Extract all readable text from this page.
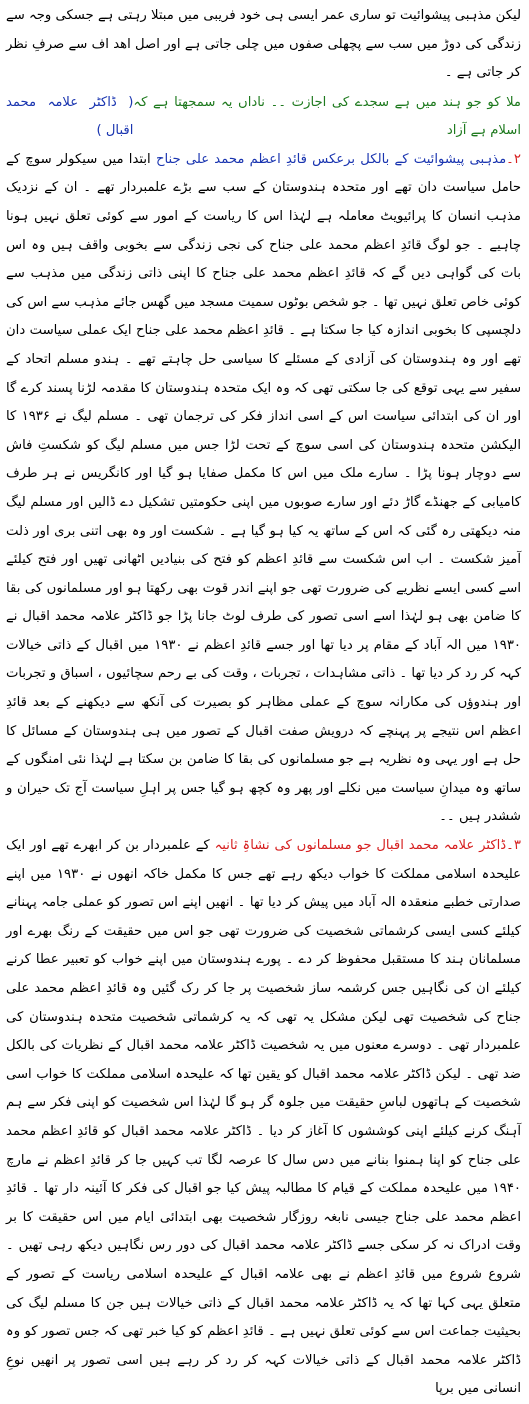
لیکن مذہبی پیشوائیت تو ساری عمر ایسی ہی خود فریبی میں مبتلا رہتی ہے جسکی وجہ سے زندگی کی دوڑ میں سب سے پچھلی صفوں میں چلی جاتی ہے اور اصل اھد اف سے صرفِ نظر کر جاتی ہے ۔

ملا کو جو ہند میں ہے سجدے کی اجازت ۔۔ ناداں یہ سمجھتا ہے کہ اسلام ہے آزاد
( ڈاکٹر علامہ محمد اقبال )

۲۔مذہبی پیشوائیت کے بالکل برعکس قائدِ اعظم محمد علی جناح ابتدا میں سیکولر سوچ کے حامل سیاست دان تھے اور متحدہ ہندوستان کے سب سے بڑے علمبردار تھے ۔ ان کے نزدیک مذہب انسان کا پرائیویٹ معاملہ ہے لہٰذا اس کا ریاست کے امور سے کوئی تعلق نہیں ہونا چاہیے ۔ جو لوگ قائدِ اعظم محمد علی جناح کی نجی زندگی سے بخوبی واقف ہیں وہ اس بات کی گواہی دیں گے کہ قائدِ اعظم محمد علی جناح کا اپنی ذاتی زندگی میں مذہب سے کوئی خاص تعلق نہیں تھا ۔ جو شخص بوٹوں سمیت مسجد میں گھس جائے مذہب سے اس کی دلچسپی کا بخوبی اندازہ کیا جا سکتا ہے ۔ قائدِ اعظم محمد علی جناح ایک عملی سیاست دان تھے اور وہ ہندوستان کی آزادی کے مسئلے کا سیاسی حل چاہتے تھے ۔ ہندو مسلم اتحاد کے سفیر سے یہی توقع کی جا سکتی تھی کہ وہ ایک متحدہ ہندوستان کا مقدمہ لڑنا پسند کرے گا اور ان کی ابتدائی سیاست اس کے اسی انداز فکر کی ترجمان تھی ۔ مسلم لیگ نے ۱۹۳۶ کا الیکشن متحدہ ہندوستان کی اسی سوچ کے تحت لڑا جس میں مسلم لیگ کو شکستِ فاش سے دوچار ہونا پڑا ۔ سارے ملک میں اس کا مکمل صفایا ہو گیا اور کانگریس نے ہر طرف کامیابی کے جھنڈے گاڑ دئے اور سارے صوبوں میں اپنی حکومتیں تشکیل دے ڈالیں اور مسلم لیگ منہ دیکھتی رہ گئی کہ اس کے ساتھ یہ کیا ہو گیا ہے ۔ شکست اور وہ بھی اتنی بری اور ذلت آمیز شکست ۔ اب اس شکست سے قائدِ اعظم کو فتح کی بنیادیں اٹھانی تھیں اور فتح کیلئے اسے کسی ایسے نظریے کی ضرورت تھی جو اپنے اندر قوت بھی رکھتا ہو اور مسلمانوں کی بقا کا ضامن بھی ہو لہٰذا اسے اسی تصور کی طرف لوٹ جانا پڑا جو ڈاکٹر علامہ محمد اقبال نے ۱۹۳۰ میں الہ آباد کے مقام پر دیا تھا اور جسے قائدِ اعظم نے ۱۹۳۰ میں اقبال کے ذاتی خیالات کہہ کر رد کر دیا تھا ۔ ذاتی مشاہدات ، تجربات ، وقت کی بے رحم سچائیوں ، اسباق و تجربات اور ہندوؤں کی مکارانہ سوچ کے عملی مظاہر کو بصیرت کی آنکھ سے دیکھنے کے بعد قائدِ اعظم اس نتیجے پر پہنچے کہ درویش صفت اقبال کے تصور میں ہی ہندوستان کے مسائل کا حل ہے اور یہی وہ نظریہ ہے جو مسلمانوں کی بقا کا ضامن بن سکتا ہے لہٰذا نئی امنگوں کے ساتھ وہ میدانِ سیاست میں نکلے اور پھر وہ کچھ ہو گیا جس پر اہلِ سیاست آج تک حیران و ششدر ہیں ۔۔

۳۔ڈاکٹر علامہ محمد اقبال جو مسلمانوں کی نشاۃِ ثانیہ کے علمبردار بن کر ابھرے تھے اور ایک علیحدہ اسلامی مملکت کا خواب دیکھ رہے تھے جس کا مکمل خاکہ انھوں نے ۱۹۳۰ میں اپنے صدارتی خطبے منعقدہ الہ آباد میں پیش کر دیا تھا ۔ انھیں اپنے اس تصور کو عملی جامہ پہنانے کیلئے کسی ایسی کرشماتی شخصیت کی ضرورت تھی جو اس میں حقیقت کے رنگ بھرے اور مسلمانان ہند کا مستقبل محفوظ کر دے ۔ پورے ہندوستان میں اپنے خواب کو تعبیر عطا کرنے کیلئے ان کی نگاہیں جس کرشمہ ساز شخصیت پر جا کر رک گئیں وہ قائدِ اعظم محمد علی جناح کی شخصیت تھی لیکن مشکل یہ تھی کہ یہ کرشماتی شخصیت متحدہ ہندوستان کی علمبردار تھی ۔ دوسرے معنوں میں یہ شخصیت ڈاکٹر علامہ محمد اقبال کے نظریات کی بالکل ضد تھی ۔ لیکن ڈاکٹر علامہ محمد اقبال کو یقین تھا کہ علیحدہ اسلامی مملکت کا خواب اسی شخصیت کے ہاتھوں لباسِ حقیقت میں جلوہ گر ہو گا لہٰذا اس شخصیت کو اپنی فکر سے ہم آہنگ کرنے کیلئے اپنی کوششوں کا آغاز کر دیا ۔ ڈاکٹر علامہ محمد اقبال کو قائدِ اعظم محمد علی جناح کو اپنا ہمنوا بنانے میں دس سال کا عرصہ لگا تب کہیں جا کر قائدِ اعظم نے مارچ ۱۹۴۰ میں علیحدہ مملکت کے قیام کا مطالبہ پیش کیا جو اقبال کی فکر کا آئینہ دار تھا ۔ قائدِ اعظم محمد علی جناح جیسی نابغہ روزگار شخصیت بھی ابتدائی ایام میں اس حقیقت کا بر وقت ادراک نہ کر سکی جسے ڈاکٹر علامہ محمد اقبال کی دور رس نگاہیں دیکھ رہی تھیں ۔ شروع شروع میں قائدِ اعظم نے بھی علامہ اقبال کے علیحدہ اسلامی ریاست کے تصور کے متعلق یہی کہا تھا کہ یہ ڈاکٹر علامہ محمد اقبال کے ذاتی خیالات ہیں جن کا مسلم لیگ کی بحیثیت جماعت اس سے کوئی تعلق نہیں ہے ۔ قائدِ اعظم کو کیا خبر تھی کہ جس تصور کو وہ ڈاکٹر علامہ محمد اقبال کے ذاتی خیالات کہہ کر رد کر رہے ہیں اسی تصور پر انھیں نوعِ انسانی میں برپا
